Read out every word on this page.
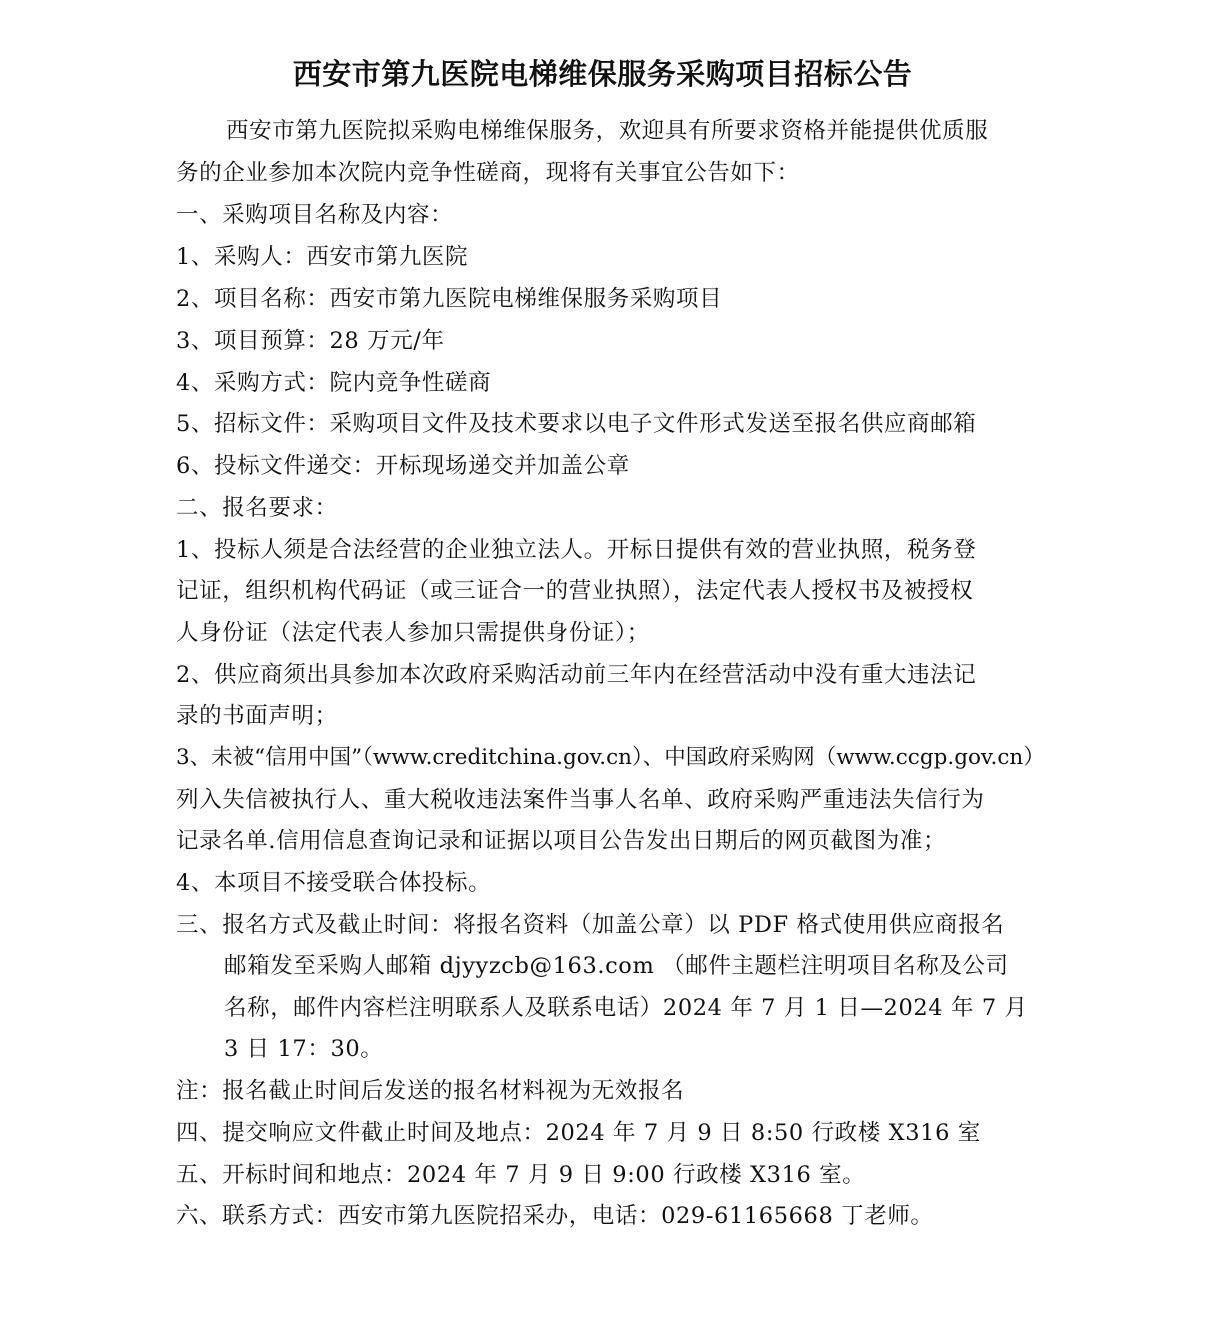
西安市第九医院电梯维保服务采购项目招标公告
西安市第九医院拟采购电梯维保服务，欢迎具有所要求资格并能提供优质服
务的企业参加本次院内竞争性磋商，现将有关事宜公告如下：
一、采购项目名称及内容：
1、采购人：西安市第九医院
2、项目名称：西安市第九医院电梯维保服务采购项目
3、项目预算：28 万元/年
4、采购方式：院内竞争性磋商
5、招标文件：采购项目文件及技术要求以电子文件形式发送至报名供应商邮箱
6、投标文件递交：开标现场递交并加盖公章
二、报名要求：
1、投标人须是合法经营的企业独立法人。开标日提供有效的营业执照，税务登
记证，组织机构代码证（或三证合一的营业执照），法定代表人授权书及被授权
人身份证（法定代表人参加只需提供身份证）；
2、供应商须出具参加本次政府采购活动前三年内在经营活动中没有重大违法记
录的书面声明；
3、未被“信用中国”（www.creditchina.gov.cn）、中国政府采购网（www.ccgp.gov.cn）
列入失信被执行人、重大税收违法案件当事人名单、政府采购严重违法失信行为
记录名单.信用信息查询记录和证据以项目公告发出日期后的网页截图为准；
4、本项目不接受联合体投标。
三、报名方式及截止时间：将报名资料（加盖公章）以 PDF 格式使用供应商报名
邮箱发至采购人邮箱 djyyzcb@163.com （邮件主题栏注明项目名称及公司
名称，邮件内容栏注明联系人及联系电话）2024 年 7 月 1 日—2024 年 7 月
3 日 17：30。
注：报名截止时间后发送的报名材料视为无效报名
四、提交响应文件截止时间及地点：2024 年 7 月 9 日 8:50 行政楼 X316 室
五、开标时间和地点：2024 年 7 月 9 日 9:00 行政楼 X316 室。
六、联系方式：西安市第九医院招采办，电话：029-61165668 丁老师。
